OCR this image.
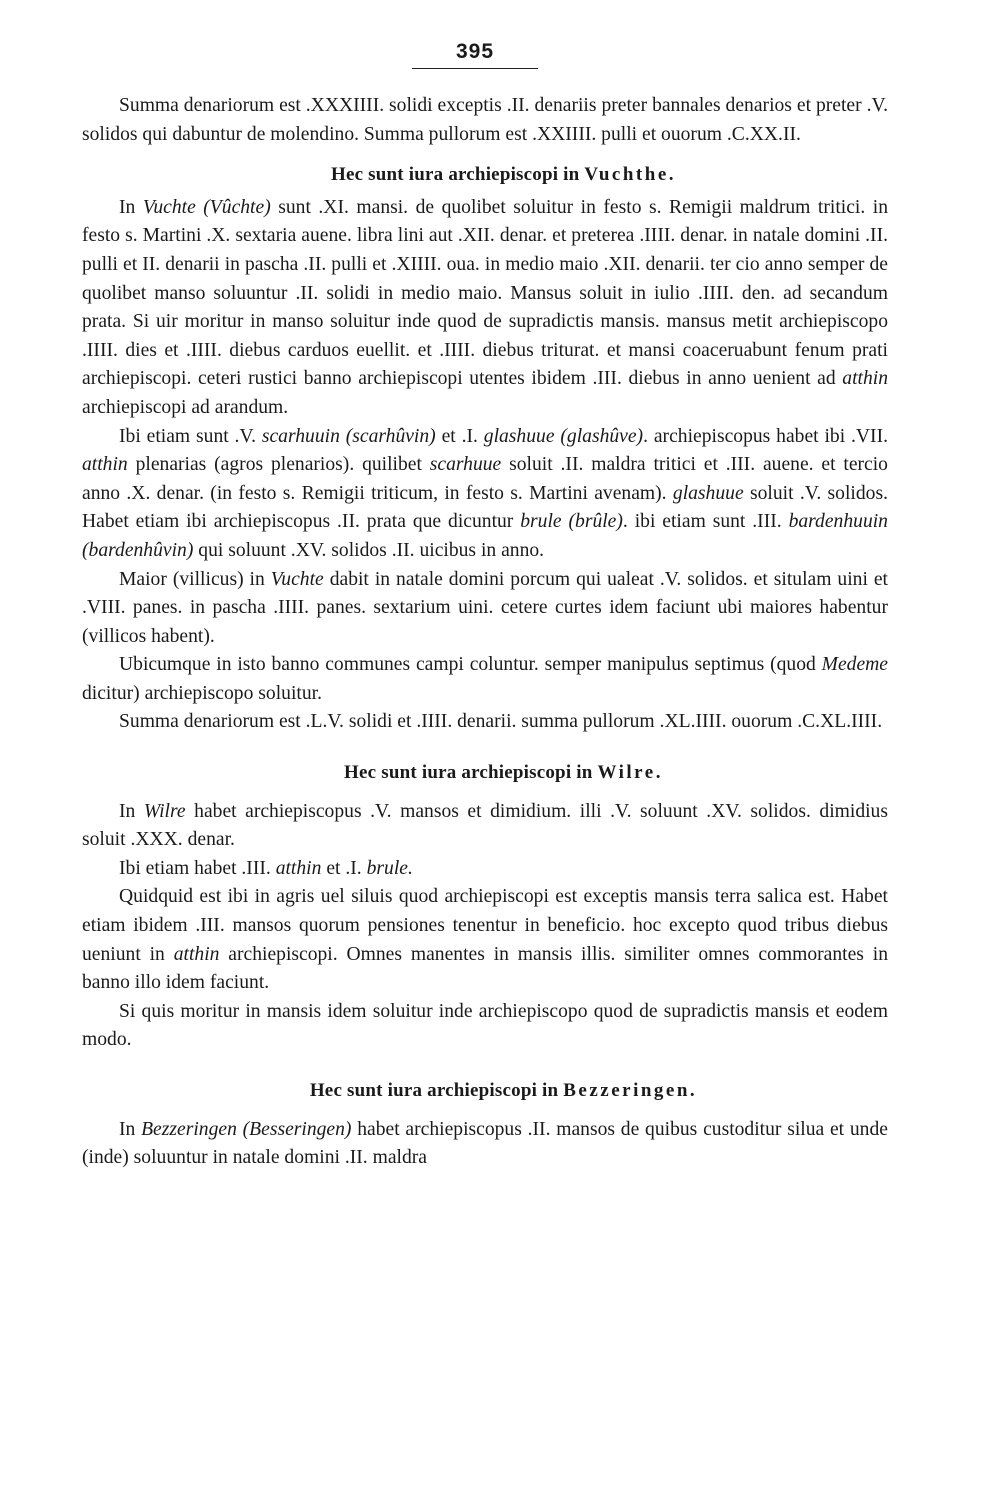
395

Summa denariorum est .XXXIIII. solidi exceptis .II. denariis preter bannales denarios et preter .V. solidos qui dabuntur de molendino. Summa pullorum est .XXIIII. pulli et ouorum .C.XX.II.

Hec sunt iura archiepiscopi in Vuchthe.

In Vuchte (Vûchte) sunt .XI. mansi. de quolibet soluitur in festo s. Remigii maldrum tritici. in festo s. Martini .X. sextaria auene. libra lini aut .XII. denar. et preterea .IIII. denar. in natale domini .II. pulli et II. denarii in pascha .II. pulli et .XIIII. oua. in medio maio .XII. denarii. ter cio anno semper de quolibet manso soluuntur .II. solidi in medio maio. Mansus soluit in iulio .IIII. den. ad secandum prata. Si uir moritur in manso soluitur inde quod de supradictis mansis. mansus metit archiepiscopo .IIII. dies et .IIII. diebus carduos euellit. et .IIII. diebus triturat. et mansi coaceruabunt fenum prati archiepiscopi. ceteri rustici banno archiepiscopi utentes ibidem .III. diebus in anno uenient ad atthin archiepiscopi ad arandum.

Ibi etiam sunt .V. scarhuuin (scarhûvin) et .I. glashuue (glashûve). archiepiscopus habet ibi .VII. atthin plenarias (agros plenarios). quilibet scarhuue soluit .II. maldra tritici et .III. auene. et tercio anno .X. denar. (in festo s. Remigii triticum, in festo s. Martini avenam). glashuue soluit .V. solidos. Habet etiam ibi archiepiscopus .II. prata que dicuntur brule (brûle). ibi etiam sunt .III. bardenhuuin (bardenhûvin) qui soluunt .XV. solidos .II. uicibus in anno.

Maior (villicus) in Vuchte dabit in natale domini porcum qui ualeat .V. solidos. et situlam uini et .VIII. panes. in pascha .IIII. panes. sextarium uini. cetere curtes idem faciunt ubi maiores habentur (villicos habent).

Ubicumque in isto banno communes campi coluntur. semper manipulus septimus (quod Medeme dicitur) archiepiscopo soluitur.

Summa denariorum est .L.V. solidi et .IIII. denarii. summa pullorum .XL.IIII. ouorum .C.XL.IIII.

Hec sunt iura archiepiscopi in Wilre.

In Wilre habet archiepiscopus .V. mansos et dimidium. illi .V. soluunt .XV. solidos. dimidius soluit .XXX. denar.

Ibi etiam habet .III. atthin et .I. brule.

Quidquid est ibi in agris uel siluis quod archiepiscopi est exceptis mansis terra salica est. Habet etiam ibidem .III. mansos quorum pensiones tenentur in beneficio. hoc excepto quod tribus diebus ueniunt in atthin archiepiscopi. Omnes manentes in mansis illis. similiter omnes commorantes in banno illo idem faciunt.

Si quis moritur in mansis idem soluitur inde archiepiscopo quod de supradictis mansis et eodem modo.

Hec sunt iura archiepiscopi in Bezzeringen.

In Bezzeringen (Besseringen) habet archiepiscopus .II. mansos de quibus custoditur silua et unde (inde) soluuntur in natale domini .II. maldra
